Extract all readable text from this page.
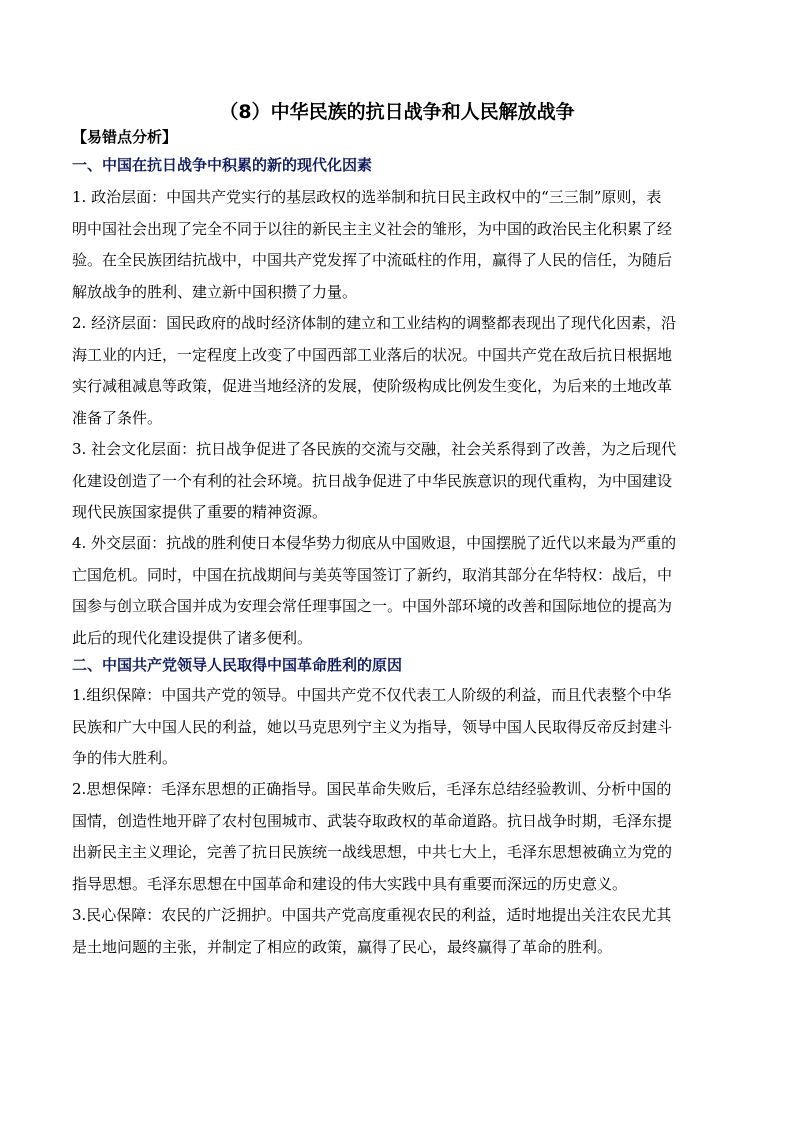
（8）中华民族的抗日战争和人民解放战争
【易错点分析】
一、中国在抗日战争中积累的新的现代化因素
1. 政治层面：中国共产党实行的基层政权的选举制和抗日民主政权中的“三三制”原则，表
明中国社会出现了完全不同于以往的新民主主义社会的雏形，为中国的政治民主化积累了经
验。在全民族团结抗战中，中国共产党发挥了中流砥柱的作用，赢得了人民的信任，为随后
解放战争的胜利、建立新中国积攒了力量。
2. 经济层面：国民政府的战时经济体制的建立和工业结构的调整都表现出了现代化因素，沿
海工业的内迁，一定程度上改变了中国西部工业落后的状况。中国共产党在敌后抗日根据地
实行减租减息等政策，促进当地经济的发展，使阶级构成比例发生变化，为后来的土地改革
准备了条件。
3. 社会文化层面：抗日战争促进了各民族的交流与交融，社会关系得到了改善，为之后现代
化建设创造了一个有利的社会环境。抗日战争促进了中华民族意识的现代重构，为中国建设
现代民族国家提供了重要的精神资源。
4. 外交层面：抗战的胜利使日本侵华势力彻底从中国败退，中国摆脱了近代以来最为严重的
亡国危机。同时，中国在抗战期间与美英等国签订了新约，取消其部分在华特权：战后，中
国参与创立联合国并成为安理会常任理事国之一。中国外部环境的改善和国际地位的提高为
此后的现代化建设提供了诸多便利。
二、中国共产党领导人民取得中国革命胜利的原因
1.组织保障：中国共产党的领导。中国共产党不仅代表工人阶级的利益，而且代表整个中华
民族和广大中国人民的利益，她以马克思列宁主义为指导，领导中国人民取得反帝反封建斗
争的伟大胜利。
2.思想保障：毛泽东思想的正确指导。国民革命失败后，毛泽东总结经验教训、分析中国的
国情，创造性地开辟了农村包围城市、武装夺取政权的革命道路。抗日战争时期，毛泽东提
出新民主主义理论，完善了抗日民族统一战线思想，中共七大上，毛泽东思想被确立为党的
指导思想。毛泽东思想在中国革命和建设的伟大实践中具有重要而深远的历史意义。
3.民心保障：农民的广泛拥护。中国共产党高度重视农民的利益，适时地提出关注农民尤其
是土地问题的主张，并制定了相应的政策，赢得了民心，最终赢得了革命的胜利。
